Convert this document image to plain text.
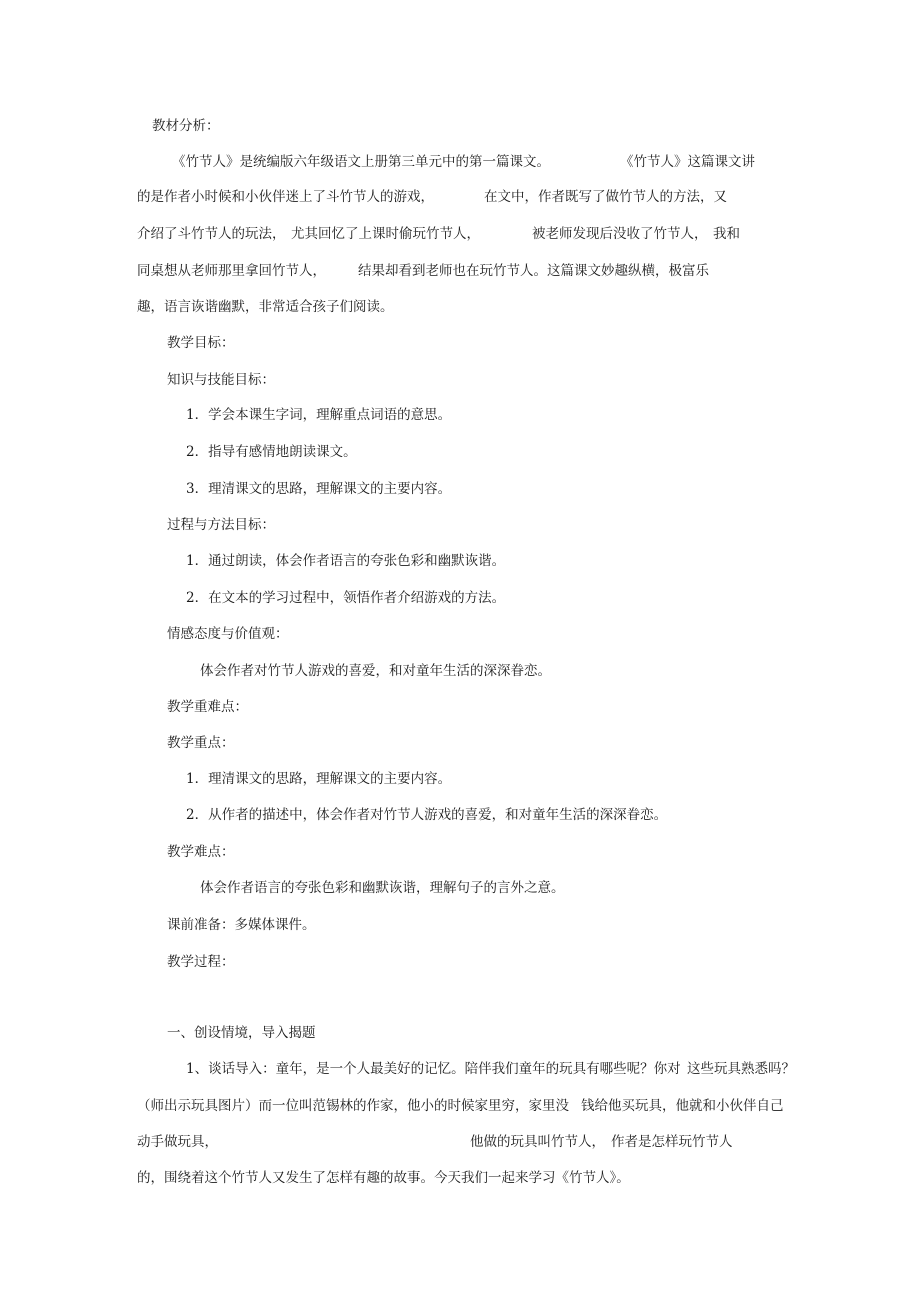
教材分析：
《竹节人》是统编版六年级语文上册第三单元中的第一篇课文。	《竹节人》这篇课文讲
的是作者小时候和小伙伴迷上了斗竹节人的游戏，	在文中，作者既写了做竹节人的方法，又
介绍了斗竹节人的玩法， 尤其回忆了上课时偷玩竹节人，	被老师发现后没收了竹节人， 我和
同桌想从老师那里拿回竹节人， 结果却看到老师也在玩竹节人。这篇课文妙趣纵横，极富乐
趣，语言诙谐幽默，非常适合孩子们阅读。
教学目标：
知识与技能目标：
1．学会本课生字词，理解重点词语的意思。
2．指导有感情地朗读课文。
3．理清课文的思路，理解课文的主要内容。
过程与方法目标：
1．通过朗读，体会作者语言的夸张色彩和幽默诙谐。
2．在文本的学习过程中，领悟作者介绍游戏的方法。
情感态度与价值观：
体会作者对竹节人游戏的喜爱，和对童年生活的深深眷恋。
教学重难点：
教学重点：
1．理清课文的思路，理解课文的主要内容。
2．从作者的描述中，体会作者对竹节人游戏的喜爱，和对童年生活的深深眷恋。
教学难点：
体会作者语言的夸张色彩和幽默诙谐，理解句子的言外之意。
课前准备：多媒体课件。
教学过程：
一、创设情境，导入揭题
1、谈话导入：童年，是一个人最美好的记忆。陪伴我们童年的玩具有哪些呢？你对 这些玩具熟悉吗？
（师出示玩具图片）而一位叫范锡林的作家，他小的时候家里穷，家里没 钱给他买玩具，他就和小伙伴自己
动手做玩具，	他做的玩具叫竹节人， 作者是怎样玩竹节人
的，围绕着这个竹节人又发生了怎样有趣的故事。今天我们一起来学习《竹节人》。
